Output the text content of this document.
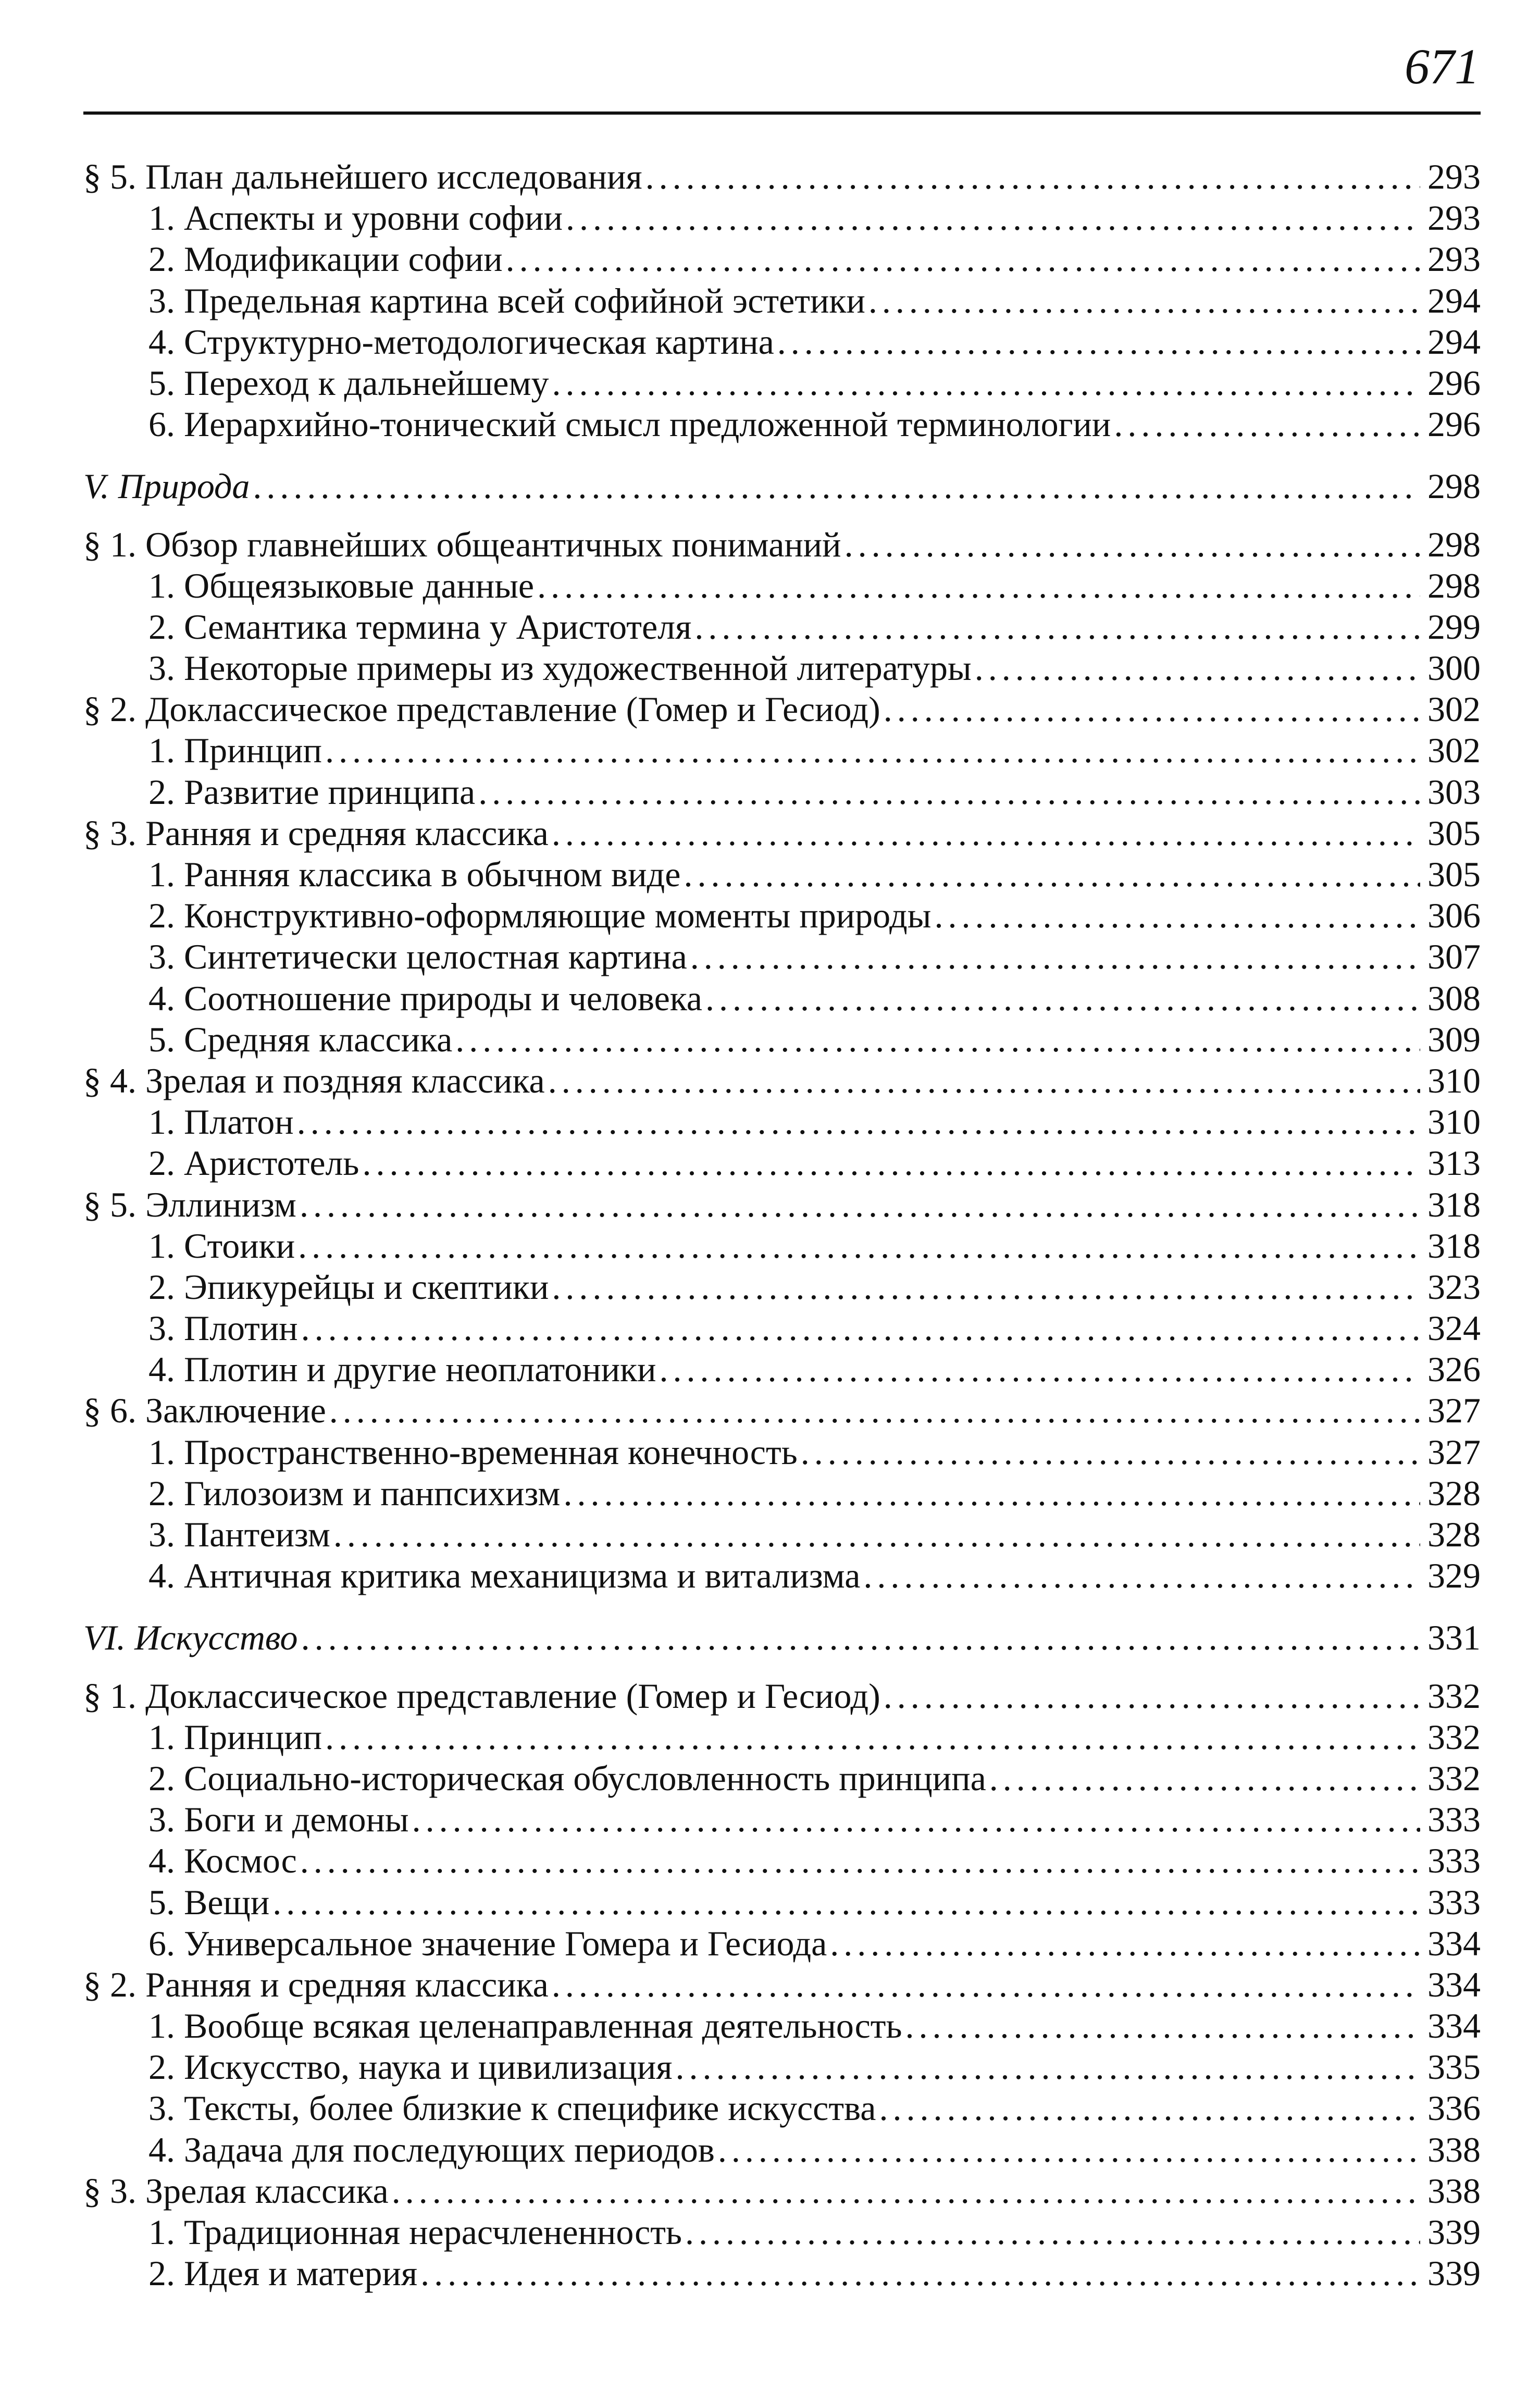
671
§ 5. План дальнейшего исследования . . .	293
1. Аспекты и уровни софии . . .	293
2. Модификации софии . . .	293
3. Предельная картина всей софийной эстетики . . .	294
4. Структурно-методологическая картина . . .	294
5. Переход к дальнейшему . . .	296
6. Иерархийно-тонический смысл предложенной терминологии . . .	296
V. Природа . . .	298
§ 1. Обзор главнейших общеантичных пониманий . . .	298
1. Общеязыковые данные . . .	298
2. Семантика термина у Аристотеля . . .	299
3. Некоторые примеры из художественной литературы . . .	300
§ 2. Доклассическое представление (Гомер и Гесиод) . . .	302
1. Принцип . . .	302
2. Развитие принципа . . .	303
§ 3. Ранняя и средняя классика . . .	305
1. Ранняя классика в обычном виде . . .	305
2. Конструктивно-оформляющие моменты природы . . .	306
3. Синтетически целостная картина . . .	307
4. Соотношение природы и человека . . .	308
5. Средняя классика . . .	309
§ 4. Зрелая и поздняя классика . . .	310
1. Платон . . .	310
2. Аристотель . . .	313
§ 5. Эллинизм . . .	318
1. Стоики . . .	318
2. Эпикурейцы и скептики . . .	323
3. Плотин . . .	324
4. Плотин и другие неоплатоники . . .	326
§ 6. Заключение . . .	327
1. Пространственно-временная конечность . . .	327
2. Гилозоизм и панпсихизм . . .	328
3. Пантеизм . . .	328
4. Античная критика механицизма и витализма . . .	329
VI. Искусство . . .	331
§ 1. Доклассическое представление (Гомер и Гесиод) . . .	332
1. Принцип . . .	332
2. Социально-историческая обусловленность принципа . . .	332
3. Боги и демоны . . .	333
4. Космос . . .	333
5. Вещи . . .	333
6. Универсальное значение Гомера и Гесиода . . .	334
§ 2. Ранняя и средняя классика . . .	334
1. Вообще всякая целенаправленная деятельность . . .	334
2. Искусство, наука и цивилизация . . .	335
3. Тексты, более близкие к специфике искусства . . .	336
4. Задача для последующих периодов . . .	338
§ 3. Зрелая классика . . .	338
1. Традиционная нерасчлененность . . .	339
2. Идея и материя . . .	339
